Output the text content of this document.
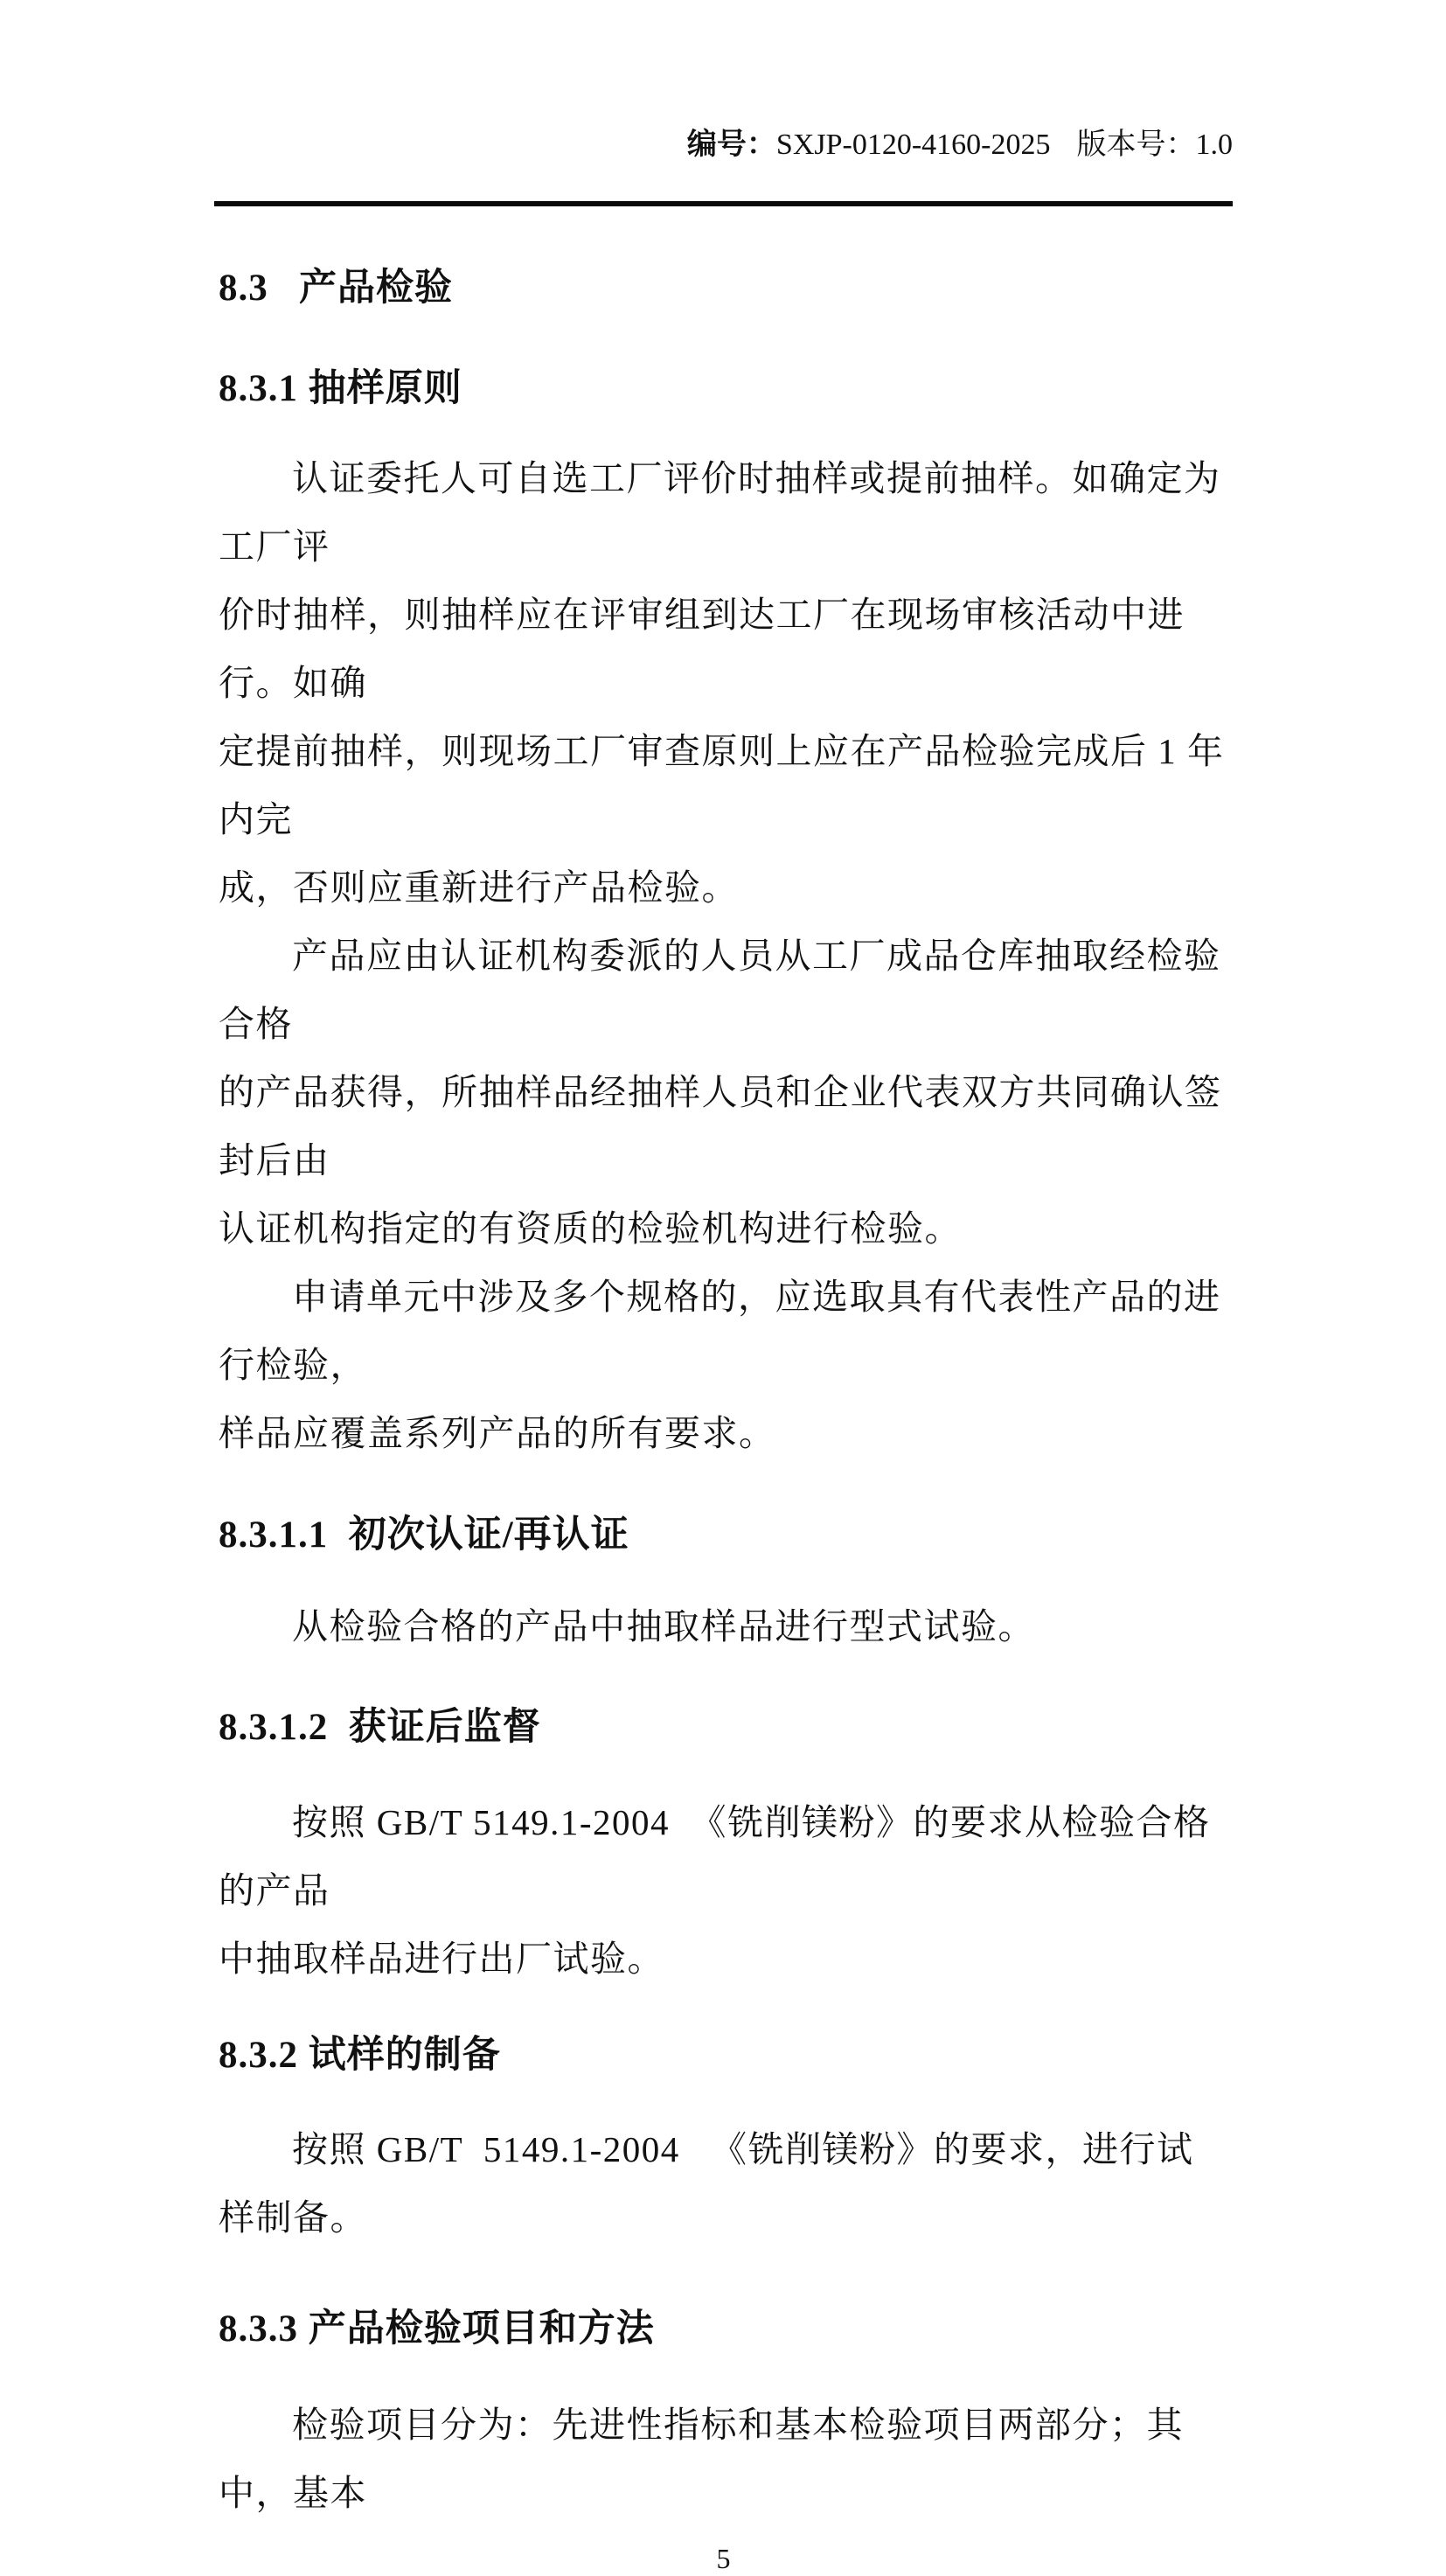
编号：SXJP-0120-4160-2025 版本号：1.0

8.3   产品检验

8.3.1 抽样原则

认证委托人可自选工厂评价时抽样或提前抽样。如确定为工厂评
价时抽样，则抽样应在评审组到达工厂在现场审核活动中进行。如确
定提前抽样，则现场工厂审查原则上应在产品检验完成后 1 年内完
成，否则应重新进行产品检验。

产品应由认证机构委派的人员从工厂成品仓库抽取经检验合格
的产品获得，所抽样品经抽样人员和企业代表双方共同确认签封后由
认证机构指定的有资质的检验机构进行检验。

申请单元中涉及多个规格的，应选取具有代表性产品的进行检验，
样品应覆盖系列产品的所有要求。

8.3.1.1  初次认证/再认证

从检验合格的产品中抽取样品进行型式试验。

8.3.1.2  获证后监督

按照 GB/T 5149.1-2004  《铣削镁粉》的要求从检验合格的产品
中抽取样品进行出厂试验。

8.3.2 试样的制备

按照 GB/T  5149.1-2004   《铣削镁粉》的要求，进行试样制备。

8.3.3 产品检验项目和方法

检验项目分为：先进性指标和基本检验项目两部分；其中，基本

5
